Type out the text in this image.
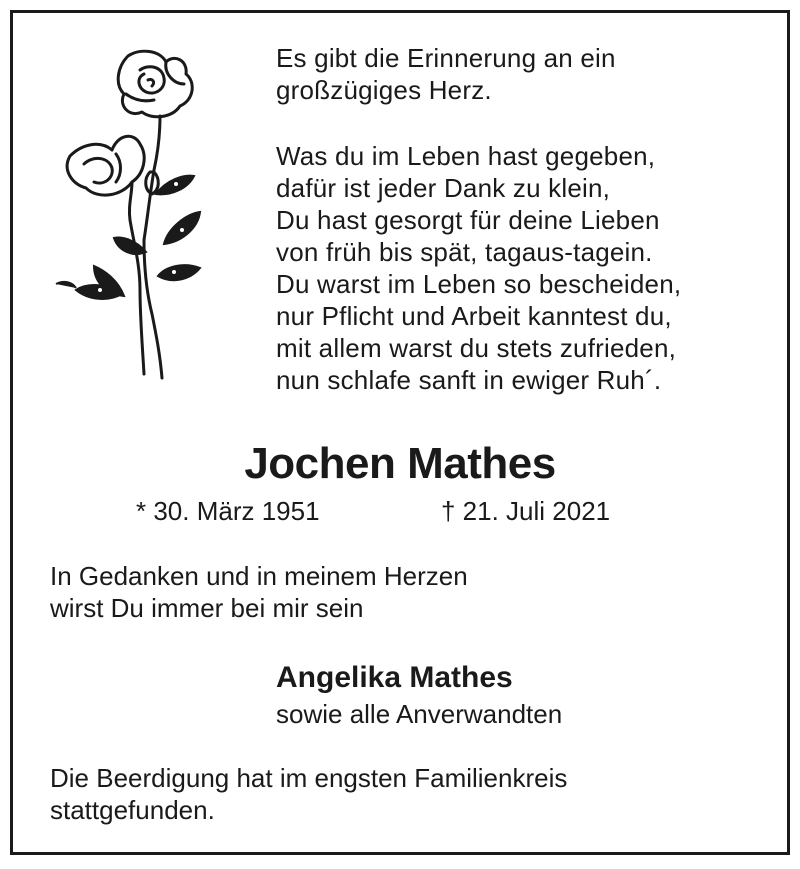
Es gibt die Erinnerung an ein
großzügiges Herz.
Was du im Leben hast gegeben,
dafür ist jeder Dank zu klein,
Du hast gesorgt für deine Lieben
von früh bis spät, tagaus-tagein.
Du warst im Leben so bescheiden,
nur Pflicht und Arbeit kanntest du,
mit allem warst du stets zufrieden,
nun schlafe sanft in ewiger Ruh´.
Jochen Mathes
* 30. März 1951	† 21. Juli 2021
In Gedanken und in meinem Herzen
wirst Du immer bei mir sein
Angelika Mathes
sowie alle Anverwandten
Die Beerdigung hat im engsten Familienkreis
stattgefunden.
